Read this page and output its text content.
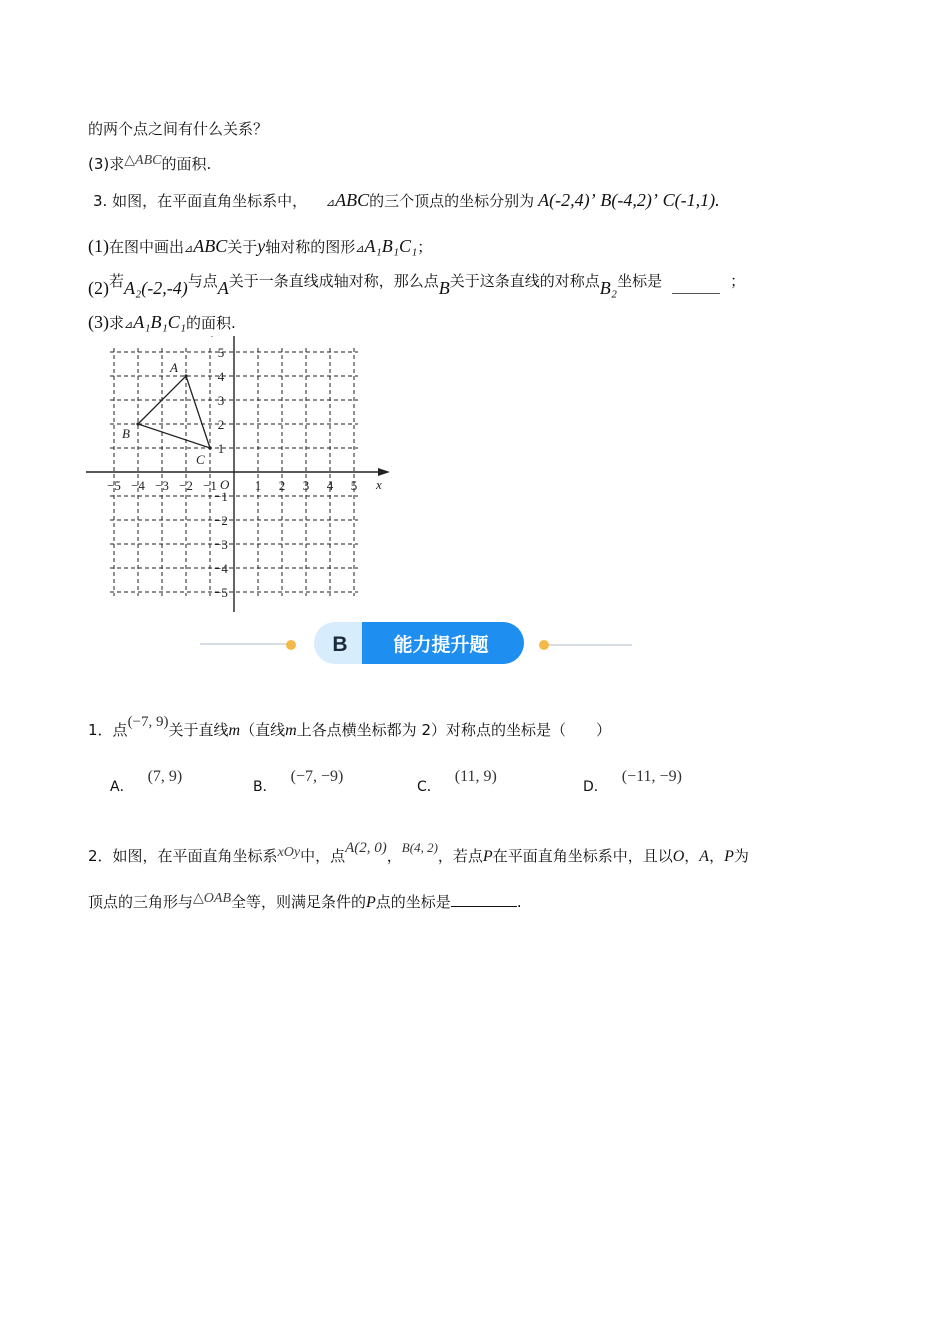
的两个点之间有什么关系？
(3)求△ABC的面积.
3. 如图，在平面直角坐标系中， ⊿ABC的三个顶点的坐标分别为 A(-2,4)’ B(-4,2)’ C(-1,1).
(1)在图中画出⊿ABC关于y轴对称的图形⊿A₁B₁C₁；
(2)若A₂(-2,-4)与点A关于一条直线成轴对称，那么点B关于这条直线的对称点B₂坐标是	；
(3)求⊿A₁B₁C₁的面积.
x
O
−5 −4 −3 −2 −1	1 2 3 4 5
5
4
3
2
1
−1
−2
−3
−4
−5
A
B
C
B 能力提升题
1．点(−7, 9)关于直线m（直线m上各点横坐标都为 2）对称点的坐标是（　　）
A．(7, 9)
B．(−7, −9)
C．(11, 9)
D．(−11, −9)
2．如图，在平面直角坐标系xOy中，点A(2, 0)，B(4, 2)，若点P在平面直角坐标系中，且以O，A，P为
顶点的三角形与△OAB全等，则满足条件的P点的坐标是	.
